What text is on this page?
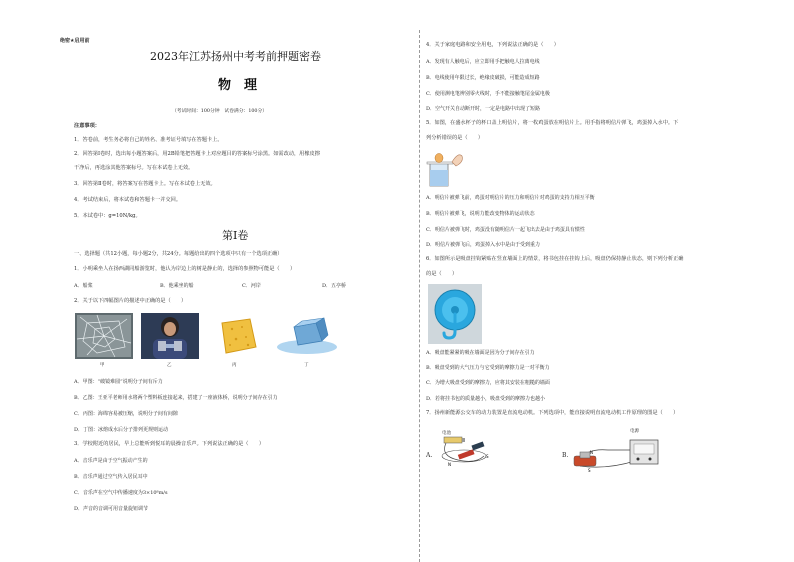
绝密★启用前
2023年江苏扬州中考考前押题密卷
物　理
（考试时间：100分钟　试卷满分：100分）
注意事项：
1．答卷前，考生务必将自己的姓名、准考证号填写在答题卡上。
2．回答第Ⅰ卷时，选出每小题答案后，用2B铅笔把答题卡上对应题目的答案标号涂黑。如需改动，用橡皮擦
干净后，再选涂其他答案标号。写在本试卷上无效。
3．回答第Ⅱ卷时，将答案写在答题卡上。写在本试卷上无效。
4．考试结束后，将本试卷和答题卡一并交回。
5．本试卷中：g=10N/kg。
第Ⅰ卷
一、选择题（共12小题，每小题2分，共24分。每题给出的四个选项中只有一个选项正确）
1．小明乘坐人在扬西湖同船游览时，他认为岸边上的树是静止的，选择的参照物可能是（　　）
A．船桨	B．他乘坐的船	C．河岸	D．五亭桥
2．关于以下四幅图片的描述中正确的是（　　）
甲	乙	丙	丁
A．甲图：“破镜难圆”说明分子间有斥力
B．乙图：王亚平老师用水将两个塑料板连接起来，搭建了一座液体桥，说明分子间存在引力
C．丙图：海绵容易被压缩，说明分子间有间隙
D．丁图：冰熔成水后分子排列更规则运动
3．学校附近的居民，早上总能听到悦耳的晨操音乐声。下列说法正确的是（　　）
A．音乐声是由于空气振动产生的
B．音乐声通过空气传入居民耳中
C．音乐声在空气中传播速度为3×10⁸m/s
D．声音的音调可用音量旋钮调节
4．关于家庭电路和安全用电，下列说法正确的是（　　）
A．发现有人触电后，应立即用手把触电人拉离电线
B．电线使用年限过长，绝缘皮破损，可能造成短路
C．使用测电笔辨别零火线时，手不能接触笔尾金属电极
D．空气开关自动断开时，一定是电路中出现了短路
5．如图，在盛水杯子的杯口盖上明信片，将一枚鸡蛋放在明信片上。用手指将明信片弹飞，鸡蛋掉入水中。下
列分析错误的是（　　）
A．明信片被弹飞前，鸡蛋对明信片的压力和明信片对鸡蛋的支持力相互平衡
B．明信片被弹飞，说明力能改变物体的运动状态
C．明信片被弹飞时，鸡蛋没有随明信片一起飞出去是由于鸡蛋具有惯性
D．明信片被弹飞后，鸡蛋掉入水中是由于受到重力
6．如图所示是吸盘挂钩紧贴在竖直墙面上的情景，将书包挂在挂钩上后，吸盘仍保持静止状态，则下列分析正确
的是（　　）
A．吸盘能紧紧的吸在墙面是因为分子间存在引力
B．吸盘受到的大气压力与它受到的摩擦力是一对平衡力
C．为增大吸盘受到的摩擦力，应将其安装在粗糙的墙面
D．若将挂书包的质量越小，吸盘受到的摩擦力也越小
7．扬州新能源公交车的动力装置是直流电动机。下列选项中，能直接说明直流电动机工作原理的图是（　　）
A.
电池
N
S	B.
电源
N
S
